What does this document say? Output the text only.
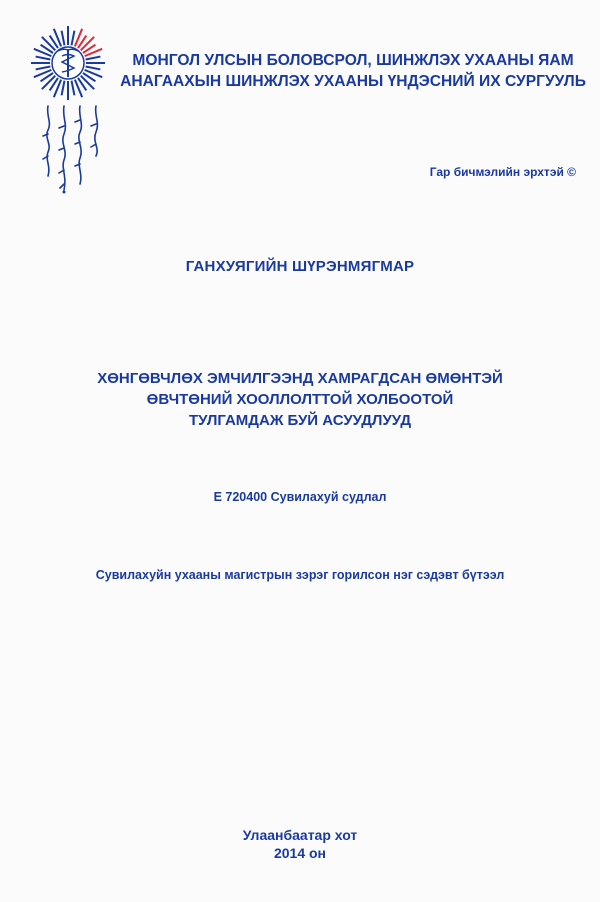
МОНГОЛ УЛСЫН БОЛОВСРОЛ, ШИНЖЛЭХ УХААНЫ ЯАМ
АНАГААХЫН ШИНЖЛЭХ УХААНЫ ҮНДЭСНИЙ ИХ СУРГУУЛЬ
Гар бичмэлийн эрхтэй ©
ГАНХУЯГИЙН ШҮРЭНМЯГМАР
ХӨНГӨВЧЛӨХ ЭМЧИЛГЭЭНД ХАМРАГДСАН ӨМӨНТЭЙ
ӨВЧТӨНИЙ ХООЛЛОЛТТОЙ ХОЛБООТОЙ
ТУЛГАМДАЖ БУЙ АСУУДЛУУД
Е 720400 Сувилахуй судлал
Сувилахуйн ухааны магистрын зэрэг горилсон нэг сэдэвт бүтээл
Улаанбаатар хот
2014 он
